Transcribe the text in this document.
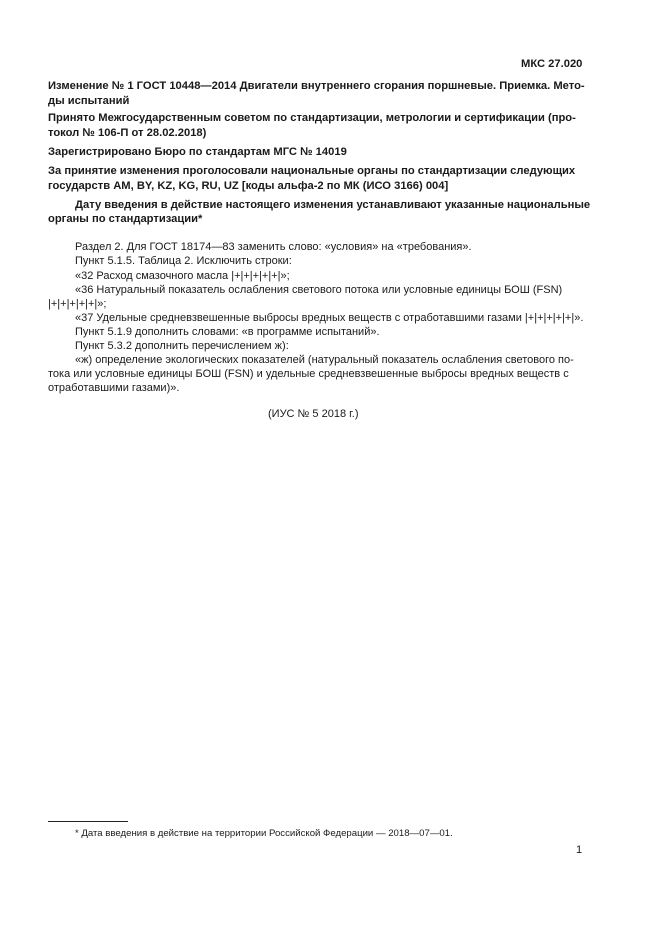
МКС 27.020
Изменение № 1 ГОСТ 10448—2014 Двигатели внутреннего сгорания поршневые. Приемка. Мето-
ды испытаний
Принято Межгосударственным советом по стандартизации, метрологии и сертификации (про-
токол № 106-П от 28.02.2018)
Зарегистрировано Бюро по стандартам МГС № 14019
За принятие изменения проголосовали национальные органы по стандартизации следующих
государств AM, BY, KZ, KG, RU, UZ [коды альфа-2 по МК (ИСО 3166) 004]
Дату введения в действие настоящего изменения устанавливают указанные национальные
органы по стандартизации*
Раздел 2. Для ГОСТ 18174—83 заменить слово: «условия» на «требования».
Пункт 5.1.5. Таблица 2. Исключить строки:
«32 Расход смазочного масла |+|+|+|+|+|»;
«36 Натуральный показатель ослабления светового потока или условные единицы БОШ (FSN)
|+|+|+|+|+|»;
«37 Удельные средневзвешенные выбросы вредных веществ с отработавшими газами |+|+|+|+|+|».
Пункт 5.1.9 дополнить словами: «в программе испытаний».
Пункт 5.3.2 дополнить перечислением ж):
«ж) определение экологических показателей (натуральный показатель ослабления светового по-
тока или условные единицы БОШ (FSN) и удельные средневзвешенные выбросы вредных веществ с
отработавшими газами)».
(ИУС № 5 2018 г.)
* Дата введения в действие на территории Российской Федерации — 2018—07—01.
1
